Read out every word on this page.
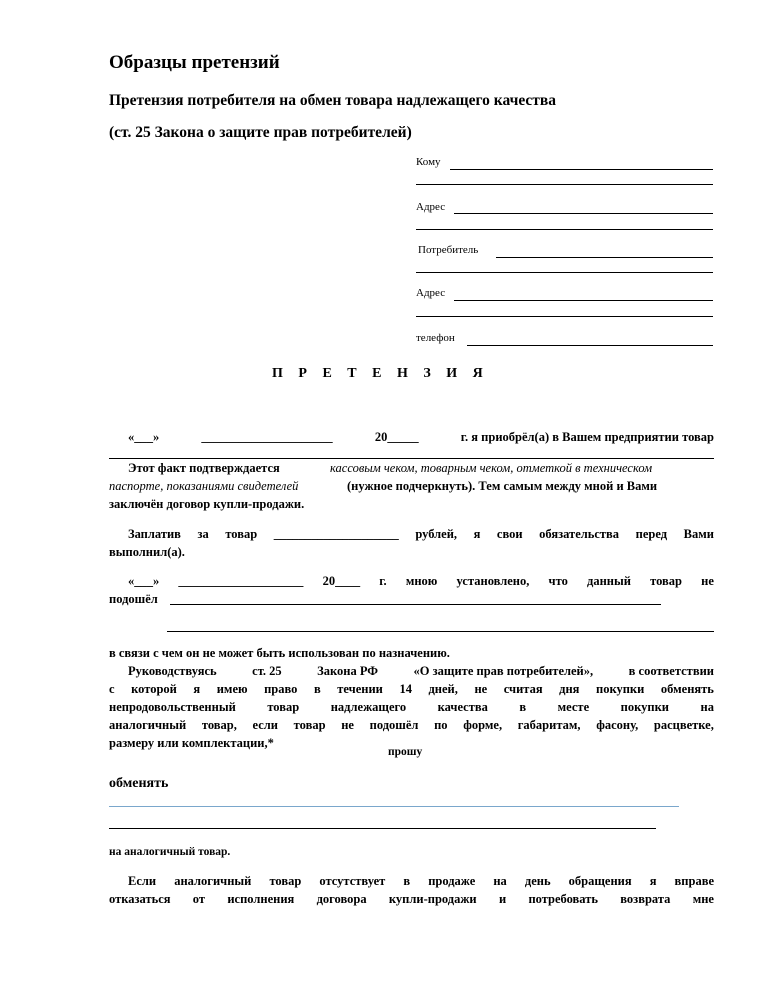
Образцы претензий
Претензия потребителя на обмен товара надлежащего качества
(ст. 25 Закона о защите прав потребителей)
Кому
Адрес
Потребитель
Адрес
телефон
П Р Е Т Е Н З И Я
«___»	_____________________	20_____	г. я приобрёл(а) в Вашем предприятии товар
Этот факт подтверждается	кассовым чеком, товарным чеком, отметкой в техническом
паспорте, показаниями свидетелей	(нужное подчеркнуть). Тем самым между мной и Вами
заключён договор купли-продажи.
Заплатив за товар ____________________ рублей, я свои обязательства перед Вами
выполнил(а).
«___» ____________________ 20____ г. мною установлено, что данный товар не
подошёл
в связи с чем он не может быть использован по назначению.
Руководствуясь	ст. 25	Закона РФ	«О защите прав потребителей»,	в соответствии
с которой я имею право в течении 14 дней, не считая дня покупки обменять
непродовольственный	товар	надлежащего	качества	в	месте	покупки	на
аналогичный товар, если товар не подошёл по форме, габаритам, фасону, расцветке,
размеру или комплектации,*
прошу
обменять
на аналогичный товар.
Если аналогичный товар отсутствует в продаже на день обращения я вправе
отказаться от исполнения договора купли-продажи и потребовать возврата мне
